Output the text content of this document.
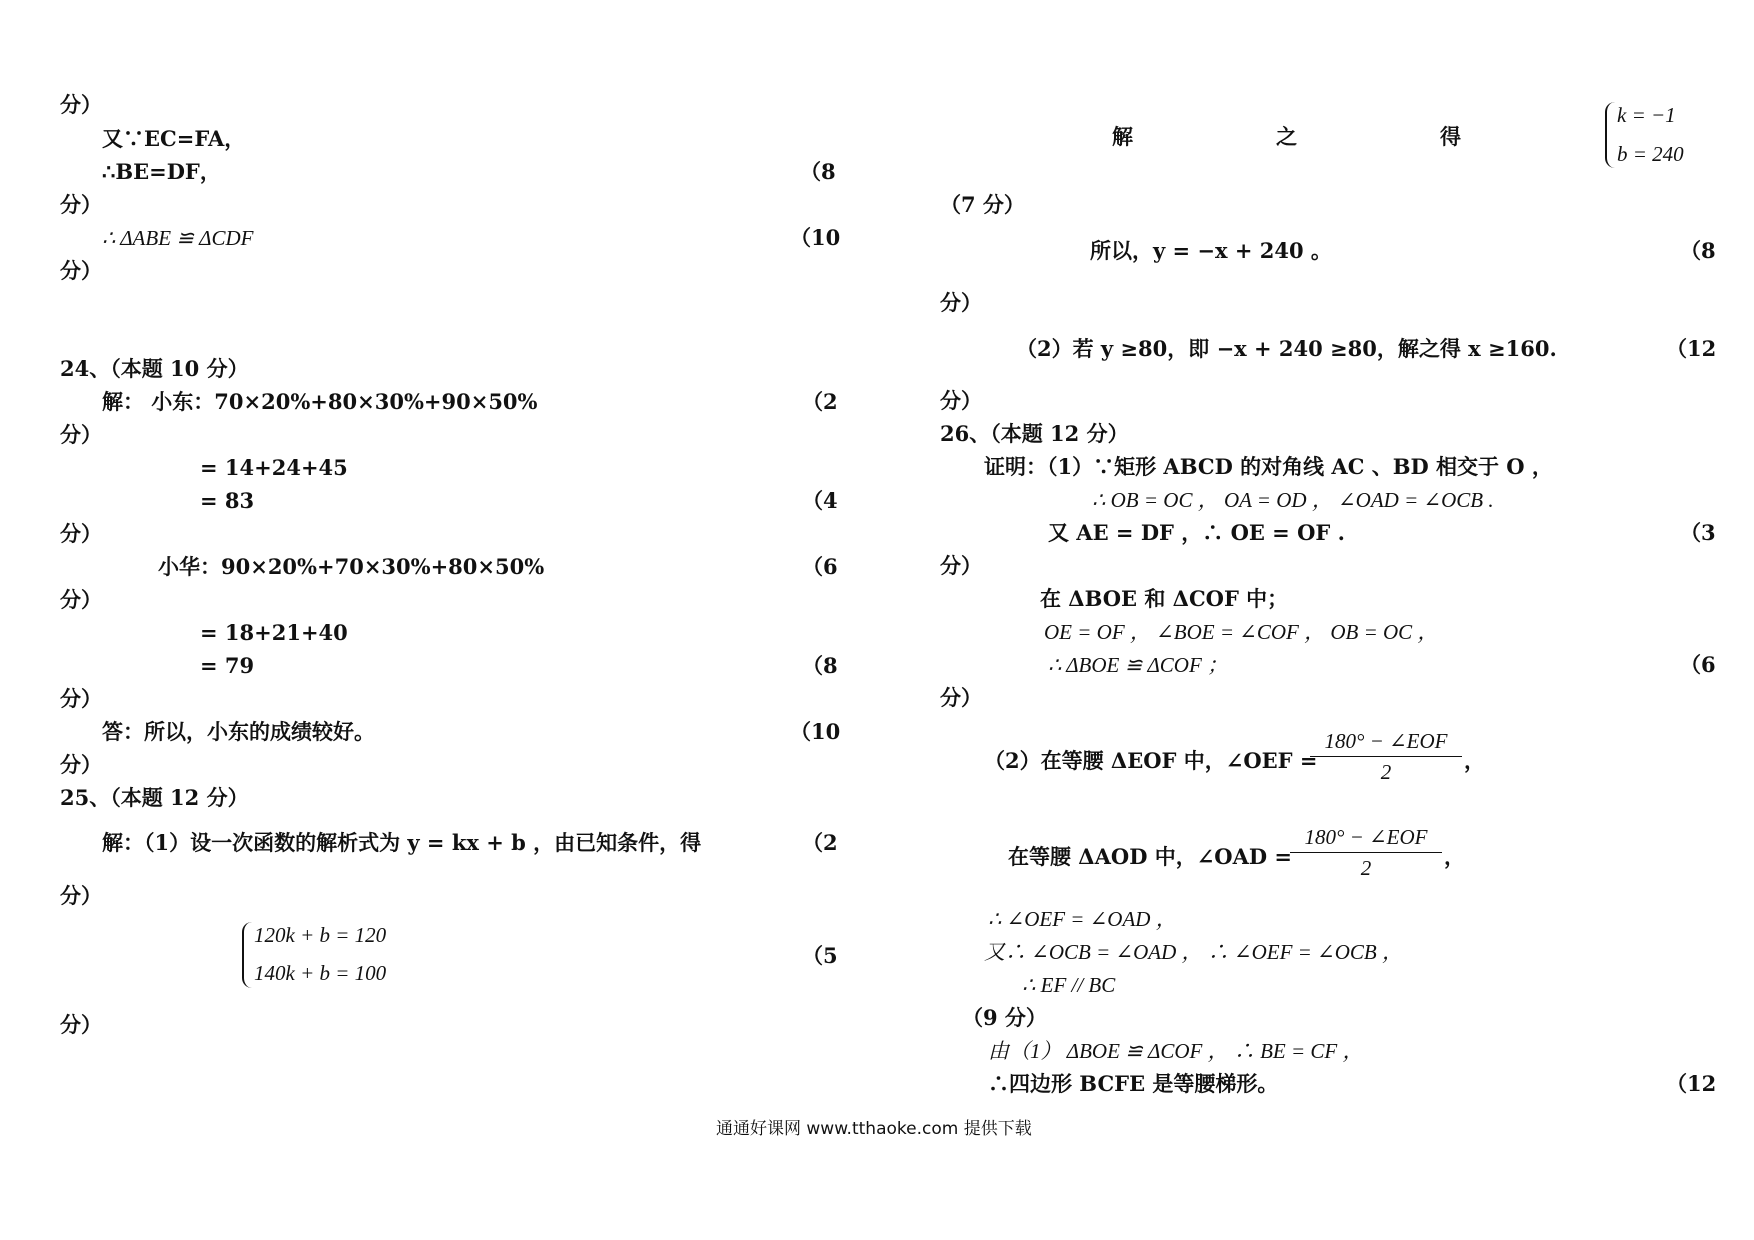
分）
又∵EC=FA，
∴BE=DF，	（8
分）
∴ ΔABE ≌ ΔCDF	（10
分）
24、（本题 10 分）
解： 小东：70×20%+80×30%+90×50%	（2
分）
= 14+24+45
= 83	（4
分）
小华：90×20%+70×30%+80×50%	（6
分）
= 18+21+40
= 79	（8
分）
答：所以，小东的成绩较好。	（10
分）
25、（本题 12 分）
解：（1）设一次函数的解析式为 y = kx + b ，由已知条件，得	（2
分）
120k + b = 120
140k + b = 100
（5
分）
解	之	得
k = −1
b = 240
（7 分）
所以，y = −x + 240 。	（8
分）
（2）若 y ≥80，即 −x + 240 ≥80，解之得 x ≥160.	（12
分）
26、（本题 12 分）
证明：（1）∵矩形 ABCD 的对角线 AC 、BD 相交于 O ，
∴ OB = OC ， OA = OD ， ∠OAD = ∠OCB .
又 AE = DF ，∴ OE = OF .	（3
分）
在 ΔBOE 和 ΔCOF 中；
OE = OF ， ∠BOE = ∠COF ， OB = OC ，
∴ ΔBOE ≌ ΔCOF ；	（6
分）
（2）在等腰 ΔEOF 中，∠OEF =
180° − ∠EOF
2	，
在等腰 ΔAOD 中，∠OAD =
180° − ∠EOF
2	，
∴ ∠OEF = ∠OAD ，
又∴ ∠OCB = ∠OAD ， ∴ ∠OEF = ∠OCB ，
∴ EF // BC
（9 分）
由（1） ΔBOE ≌ ΔCOF ， ∴ BE = CF ，
∴四边形 BCFE 是等腰梯形。	（12
通通好课网 www.tthaoke.com 提供下载
